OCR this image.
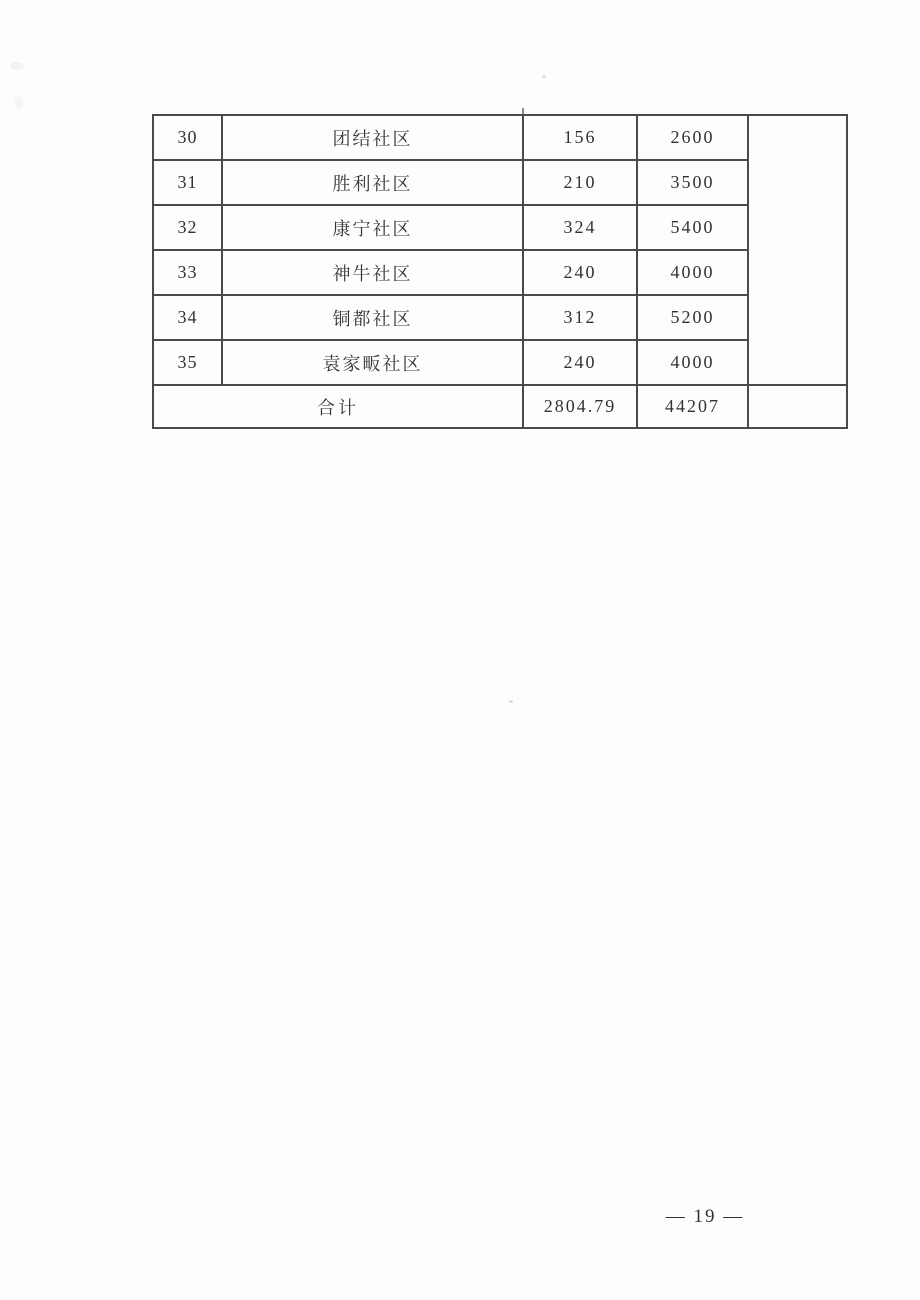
30	团结社区	156	2600	
31	胜利社区	210	3500	
32	康宁社区	324	5400	
33	神牛社区	240	4000	
34	铜都社区	312	5200	
35	袁家畈社区	240	4000	
合计		2804.79	44207	
— 19 —
